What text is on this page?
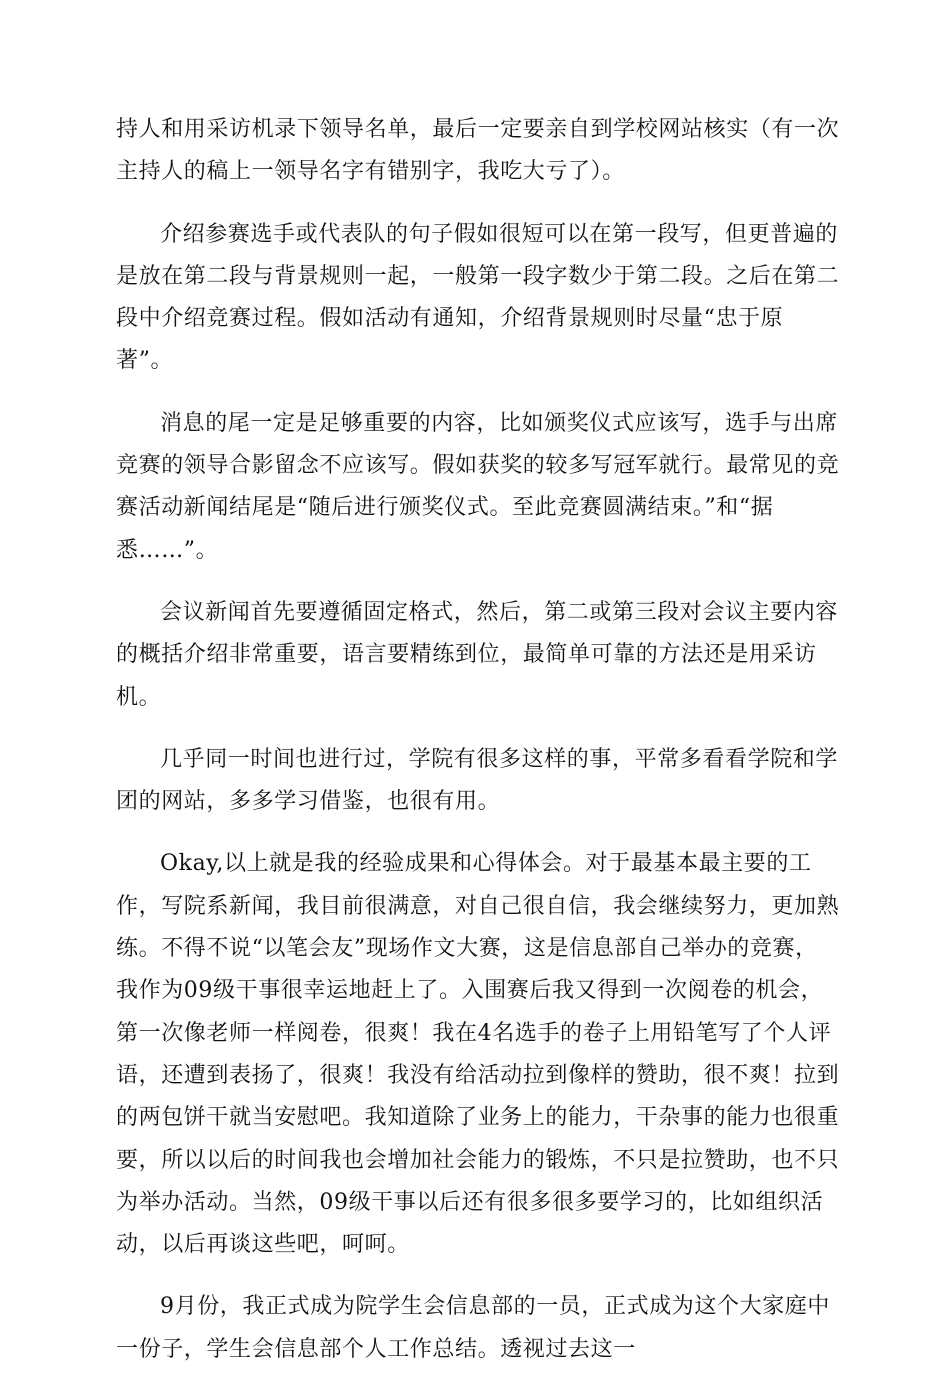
持人和用采访机录下领导名单，最后一定要亲自到学校网站核实（有一次
主持人的稿上一领导名字有错别字，我吃大亏了）。

介绍参赛选手或代表队的句子假如很短可以在第一段写，但更普遍的
是放在第二段与背景规则一起，一般第一段字数少于第二段。之后在第二
段中介绍竞赛过程。假如活动有通知，介绍背景规则时尽量“忠于原
著”。

消息的尾一定是足够重要的内容，比如颁奖仪式应该写，选手与出席
竞赛的领导合影留念不应该写。假如获奖的较多写冠军就行。最常见的竞
赛活动新闻结尾是“随后进行颁奖仪式。至此竞赛圆满结束。”和“据
悉……”。

会议新闻首先要遵循固定格式，然后，第二或第三段对会议主要内容
的概括介绍非常重要，语言要精练到位，最简单可靠的方法还是用采访
机。

几乎同一时间也进行过，学院有很多这样的事，平常多看看学院和学
团的网站，多多学习借鉴，也很有用。

Okay,以上就是我的经验成果和心得体会。对于最基本最主要的工
作，写院系新闻，我目前很满意，对自己很自信，我会继续努力，更加熟
练。不得不说“以笔会友”现场作文大赛，这是信息部自己举办的竞赛，
我作为09级干事很幸运地赶上了。入围赛后我又得到一次阅卷的机会，
第一次像老师一样阅卷，很爽！我在4名选手的卷子上用铅笔写了个人评
语，还遭到表扬了，很爽！我没有给活动拉到像样的赞助，很不爽！拉到
的两包饼干就当安慰吧。我知道除了业务上的能力，干杂事的能力也很重
要，所以以后的时间我也会增加社会能力的锻炼，不只是拉赞助，也不只
为举办活动。当然，09级干事以后还有很多很多要学习的，比如组织活
动，以后再谈这些吧，呵呵。

9月份，我正式成为院学生会信息部的一员，正式成为这个大家庭中
一份子，学生会信息部个人工作总结。透视过去这一
